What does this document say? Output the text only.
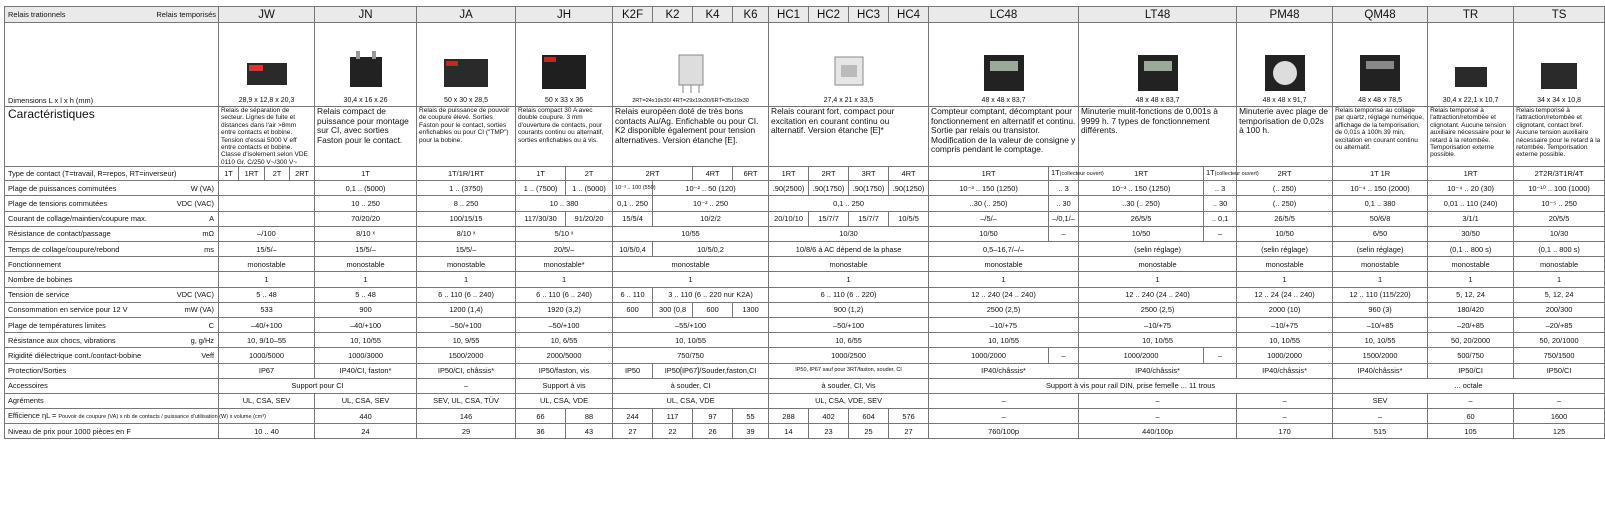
Relais trationnels Relais temporisés	JW				JN	JA	JH		K2F	K2	K4	K6	HC1	HC2	HC3	HC4	LC48		LT48		PM48	QM48	TR	TS
Dimensions L x l x h (mm)	28,9 x 12,8 x 20,3				30,4 x 16 x 26	50 x 30 x 28,5	50 x 33 x 36		2RT=24x19x30/ 4RT=29x19x30/6RT=35x19x30				27,4 x 21 x 33,5				48 x 48 x 83,7		48 x 48 x 83,7		48 x 48 x 91,7	48 x 48 x 78,5	30,4 x 22,1 x 10,7	34 x 34 x 10,8

Caractéristiques	Relais de séparation de secteur. Lignes de fuite et distances dans l'air >8mm entre contacts et bobine. Tension d'essai 5000 V eff entre contacts et bobine. Classe d'isolement selon VDE 0110 Gr. C/250 V~/300 V~				Relais compact de puissance pour montage sur CI, avec sorties Faston pour le contact.	Relais de puissance de pouvoir de coupure élevé. Sorties Faston pour le contact, sorties enfichables ou pour CI ("TMP") pour la bobine.	Relais compact 30 A avec double coupure. 3 mm d'ouverture de contacts, pour courants continu ou alternatif, sorties enfichables ou à vis.		Relais européen doté de très bons contacts Au/Ag. Enfichable ou pour CI. K2 disponible également pour tension alternatives. Version étanche [E].				Relais courant fort, compact pour excitation en courant continu ou alternatif. Version étanche [E]*				Compteur comptant, décomptant pour fonctionnement en alternatif et continu. Sortie par relais ou transistor. Modification de la valeur de consigne y compris pendant le comptage.		Minuterie mulit-fonctions de 0,001s à 9999 h. 7 types de fonctionnement différents.		Minuterie avec plage de temporisation de 0,02s à 100 h.	Relais temporisé au collage par quartz, réglage numérique, affichage de la temporisation, de 0,01s à 100h 39 min, excitation en courant continu ou alternatif.	Relais temporisé à l'attraction/retombée et clignotant. Aucune tension auxiliaire nécessaire pour le retard à la retombée. Temporisation externe possible.	Relais temporisé à l'attraction/retombée et clignotant, contact bref. Aucune tension auxiliaire nécessaire pour le retard à la retombée. Temporisation externe possible.
Type de contact (T=travail, R=repos, RT=inverseur)	1T	1RT	2T	2RT	1T	1T/1R/1RT	1T	2T	2RT		4RT	6RT	1RT	2RT	3RT	4RT	1RT	1T(collecteur ouvert)	1RT	1T(collecteur ouvert)	2RT	1T 1R	1RT	2T2R/3T1R/4T
Plage de puissances commutées W (VA)					0,1 .. (5000)	1 .. (3750)	1 .. (7500)	1 .. (5000)	10⁻³ .. 100 (550)	10⁻² .. 50 (120)			.90(2500)	.90(1750)	.90(1750)	.90(1250)	10⁻³ .. 150 (1250)	.. 3	10⁻³ .. 150 (1250)	.. 3	(.. 250)	10⁻⁴ .. 150 (2000)	10⁻⁴ .. 20 (30)	10⁻¹⁰ .. 100 (1000)
Plage de tensions commutées VDC (VAC)					10 .. 250	8 .. 250	10 .. 380		0,1 .. 250	10⁻² .. 250			0,1 .. 250				..30 (.. 250)	.. 30	..30 (.. 250)	.. 30	(.. 250)	0,1 .. 380	0,01 .. 110 (240)	10⁻⁵ .. 250
Courant de collage/maintien/coupure max. A					70/20/20	100/15/15	117/30/30	91/20/20	15/5/4	10/2/2			20/10/10	15/7/7	15/7/7	10/5/5	–/5/–	–/0,1/–	26/5/5	.. 0,1	26/5/5	50/6/8	3/1/1	20/5/5
Résistance de contact/passage mΩ	–/100				8/10 ˣ	8/10 ˣ	5/10 ˣ		10/55				10/30				10/50	–	10/50	–	10/50	6/50	30/50	10/30
Temps de collage/coupure/rebond ms	15/5/–				15/5/–	15/5/–	20/5/–		10/5/0,4	10/5/0,2			10/8/6 à AC dépend de la phase				0,5–16,7/–/–		(selin réglage)		(selin réglage)	(selin réglage)	(0,1 .. 800 s)	(0,1 .. 800 s)
Fonctionnement	monostable				monostable	monostable	monostable*		monostable				monostable				monostable		monostable		monostable	monostable	monostable	monostable
Nombre de bobines	1				1	1	1		1				1				1		1		1	1	1	1
Tension de service VDC (VAC)	5 .. 48				5 .. 48	6 .. 110 (6 .. 240)	6 .. 110 (6 .. 240)		6 .. 110	3 .. 110 (6 .. 220 nur K2A)			6 .. 110 (6 .. 220)				12 .. 240 (24 .. 240)		12 .. 240 (24 .. 240)		12 .. 24 (24 .. 240)	12 .. 110 (115/220)	5, 12, 24	5, 12, 24
Consommation en service pour 12 V mW (VA)	533				900	1200 (1,4)	1920 (3,2)		600	300 (0,8	600	1300	900 (1,2)				2500 (2,5)		2500 (2,5)		2000 (10)	960 (3)	180/420	200/300
Plage de températures limites C	–40/+100				–40/+100	–50/+100	–50/+100		–55/+100				–50/+100				–10/+75		–10/+75		–10/+75	–10/+85	–20/+85	–20/+85
Résistance aux chocs, vibrations g, g/Hz	10, 9/10–55				10, 10/55	10, 9/55	10, 6/55		10, 10/55				10, 6/55				10, 10/55		10, 10/55		10, 10/55	10, 10/55	50, 20/2000	50, 20/1000
Rigidité diélectrique cont./contact-bobine Veff	1000/5000				1000/3000	1500/2000	2000/5000		750/750				1000/2500				1000/2000	–	1000/2000	–	1000/2000	1500/2000	500/750	750/1500
Protection/Sorties	IP67				IP40/CI, faston*	IP50/CI, châssis*	IP50/faston, vis		IP50	IP50[IP67]/Souder,faston,CI			IP50, IP67 sauf pour 3RT/faston, souder, CI				IP40/châssis*		IP40/châssis*		IP40/châssis*	IP40/châssis*	IP50/CI	IP50/CI
Accessoires	Support pour CI					–	Support à vis		à souder, CI				à souder, CI, Vis				Support à vis pour rail DIN, prise femelle ... 11 trous					... octale		
Agréments	UL, CSA, SEV				UL, CSA, SEV	SEV, UL, CSA, TÜV	UL, CSA, VDE		UL, CSA, VDE				UL, CSA, VDE, SEV				–		–		–	SEV	–	–
Efficience ηL = Pouvoir de coupure (VA) x nb de contacts / puissance d'utilisation (W) x volume (cm³)					440	146	66	88	244	117	97	55	288	402	604	576	–		–		–	–	60	1600
Niveau de prix pour 1000 pièces en F	10 .. 40				24	29	36	43	27	22	26	39	14	23	25	27	760/100p		440/100p		170	515	105	125
